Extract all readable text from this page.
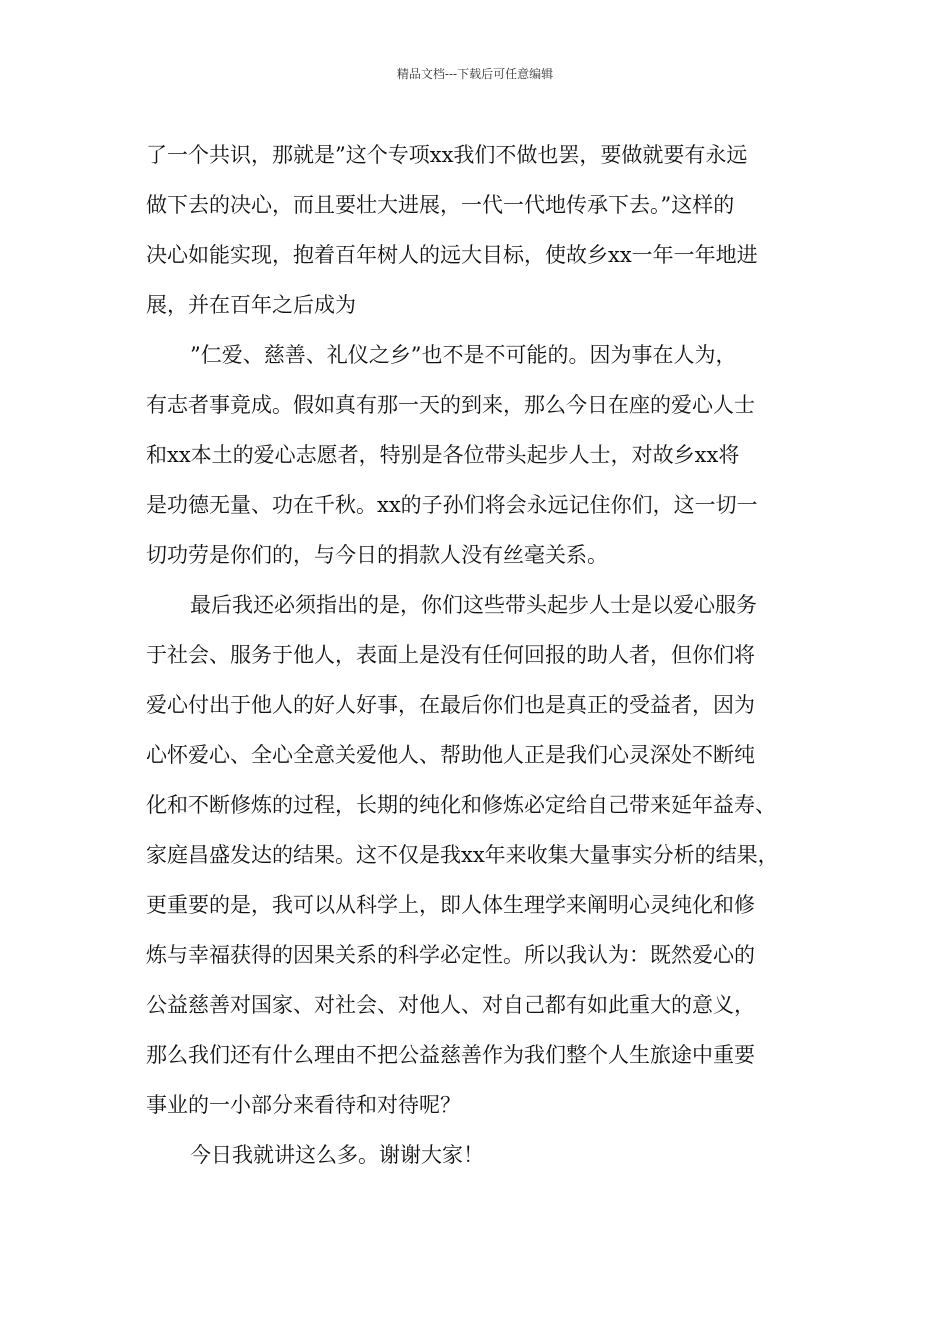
精品文档---下载后可任意编辑
了一个共识，那就是”这个专项xx我们不做也罢，要做就要有永远
做下去的决心，而且要壮大进展，一代一代地传承下去。”这样的
决心如能实现，抱着百年树人的远大目标，使故乡xx一年一年地进
展，并在百年之后成为
”仁爱、慈善、礼仪之乡”也不是不可能的。因为事在人为，
有志者事竟成。假如真有那一天的到来，那么今日在座的爱心人士
和xx本土的爱心志愿者，特别是各位带头起步人士，对故乡xx将
是功德无量、功在千秋。xx的子孙们将会永远记住你们，这一切一
切功劳是你们的，与今日的捐款人没有丝毫关系。
最后我还必须指出的是，你们这些带头起步人士是以爱心服务
于社会、服务于他人，表面上是没有任何回报的助人者，但你们将
爱心付出于他人的好人好事，在最后你们也是真正的受益者，因为
心怀爱心、全心全意关爱他人、帮助他人正是我们心灵深处不断纯
化和不断修炼的过程，长期的纯化和修炼必定给自己带来延年益寿、
家庭昌盛发达的结果。这不仅是我xx年来收集大量事实分析的结果，
更重要的是，我可以从科学上，即人体生理学来阐明心灵纯化和修
炼与幸福获得的因果关系的科学必定性。所以我认为：既然爱心的
公益慈善对国家、对社会、对他人、对自己都有如此重大的意义，
那么我们还有什么理由不把公益慈善作为我们整个人生旅途中重要
事业的一小部分来看待和对待呢？
今日我就讲这么多。谢谢大家！
